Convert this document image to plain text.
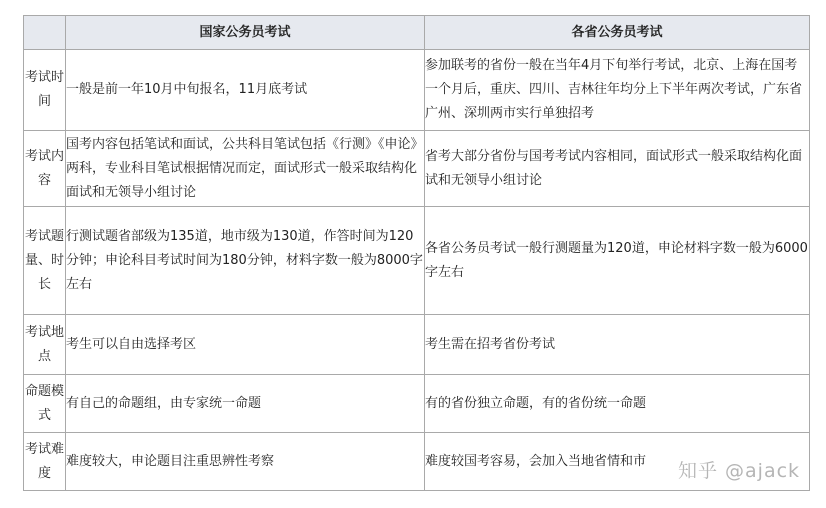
	国家公务员考试	各省公务员考试
考试时间	一般是前一年10月中旬报名，11月底考试	参加联考的省份一般在当年4月下旬举行考试，北京、上海在国考一个月后，重庆、四川、吉林往年均分上下半年两次考试，广东省广州、深圳两市实行单独招考
考试内容	国考内容包括笔试和面试，公共科目笔试包括《行测》《申论》两科，专业科目笔试根据情况而定，面试形式一般采取结构化面试和无领导小组讨论	省考大部分省份与国考考试内容相同，面试形式一般采取结构化面试和无领导小组讨论
考试题量、时长	行测试题省部级为135道，地市级为130道，作答时间为120分钟；申论科目考试时间为180分钟，材料字数一般为8000字左右	各省公务员考试一般行测题量为120道，申论材料字数一般为6000字左右
考试地点	考生可以自由选择考区	考生需在招考省份考试
命题模式	有自己的命题组，由专家统一命题	有的省份独立命题，有的省份统一命题
考试难度	难度较大，申论题目注重思辨性考察	难度较国考容易，会加入当地省情和市 知乎 @ajack
